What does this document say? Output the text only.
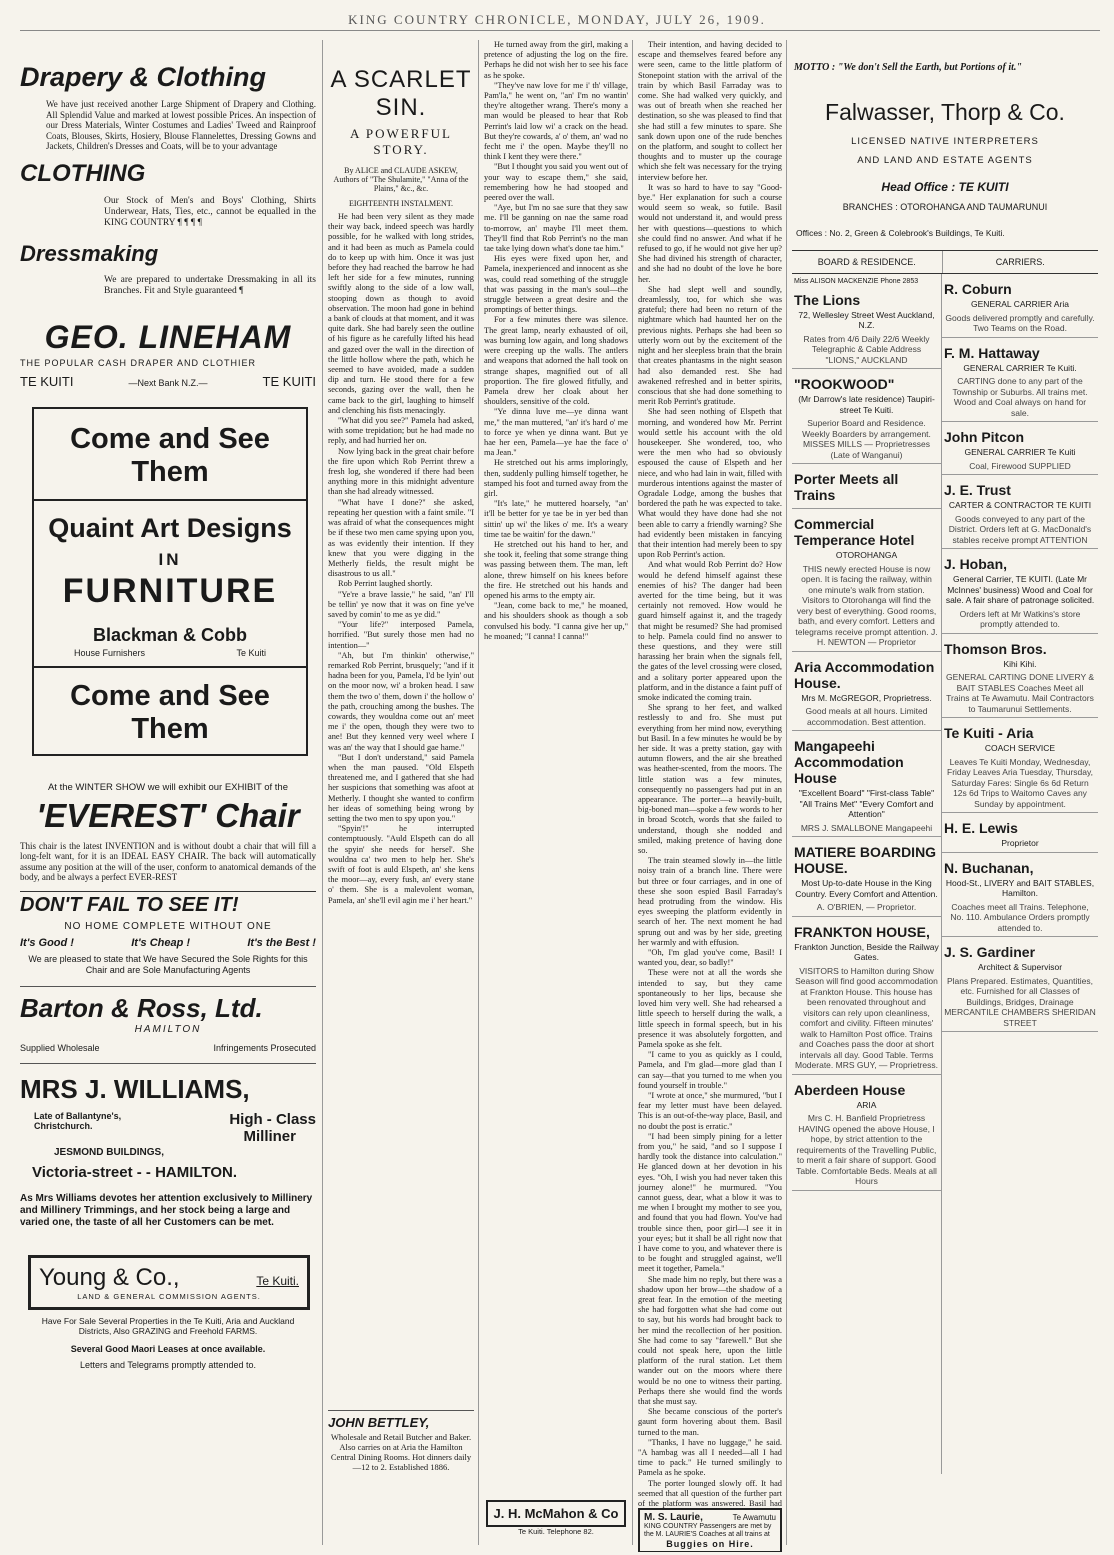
KING COUNTRY CHRONICLE, MONDAY, JULY 26, 1909.
Drapery & Clothing
We have just received another Large Shipment of Drapery and Clothing. All Splendid Value and marked at lowest possible Prices. An inspection of our Dress Materials, Winter Costumes and Ladies' Tweed and Rainproof Coats, Blouses, Skirts, Hosiery, Blouse Flannelettes, Dressing Gowns and Jackets, Children's Dresses and Coats, will be to your advantage
CLOTHING
Our Stock of Men's and Boys' Clothing, Shirts Underwear, Hats, Ties, etc., cannot be equalled in the KING COUNTRY ¶ ¶ ¶ ¶
Dressmaking
We are prepared to undertake Dressmaking in all its Branches. Fit and Style guaranteed ¶
GEO. LINEHAM
THE POPULAR CASH DRAPER AND CLOTHIER
TE KUITI	—Next Bank N.Z.—	TE KUITI
Come and See Them
Quaint Art Designs
IN
FURNITURE
Blackman & Cobb
House Furnishers	Te Kuiti
Come and See Them
At the WINTER SHOW we will exhibit our EXHIBIT of the
'EVEREST' Chair
This chair is the latest INVENTION and is without doubt a chair that will fill a long-felt want, for it is an IDEAL EASY CHAIR. The back will automatically assume any position at the will of the user, conform to anatomical demands of the body, and be always a perfect EVER-REST
DON'T FAIL TO SEE IT!
NO HOME COMPLETE WITHOUT ONE
It's Good !	It's Cheap !	It's the Best !
We are pleased to state that We have Secured the Sole Rights for this Chair and are Sole Manufacturing Agents
Barton & Ross, Ltd.
HAMILTON
Supplied Wholesale	Infringements Prosecuted
MRS J. WILLIAMS,
Late of Ballantyne's, Christchurch.	High - Class
Milliner
JESMOND BUILDINGS,
Victoria-street - - HAMILTON.
As Mrs Williams devotes her attention exclusively to Millinery and Millinery Trimmings, and her stock being a large and varied one, the taste of all her Customers can be met.
Young & Co.,	Te Kuiti.
LAND & GENERAL COMMISSION AGENTS.
Have For Sale Several Properties in the Te Kuiti, Aria and Auckland Districts, Also GRAZING and Freehold FARMS.
Several Good Maori Leases at once available.
Letters and Telegrams promptly attended to.
A SCARLET SIN.
A POWERFUL STORY.
By ALICE and CLAUDE ASKEW,
Authors of "The Shulamite," "Anna of the Plains," &c., &c.
EIGHTEENTH INSTALMENT.

He had been very silent as they made their way back, indeed speech was hardly possible, for he walked with long strides, and it had been as much as Pamela could do to keep up with him. Once it was just before they had reached the barrow he had left her side for a few minutes, running swiftly along to the side of a low wall, stooping down as though to avoid observation. The moon had gone in behind a bank of clouds at that moment, and it was quite dark. She had barely seen the outline of his figure as he carefully lifted his head and gazed over the wall in the direction of the little hollow where the path, which he seemed to have avoided, made a sudden dip and turn. He stood there for a few seconds, gazing over the wall, then he came back to the girl, laughing to himself and clenching his fists menacingly.

"What did you see?" Pamela had asked, with some trepidation; but he had made no reply, and had hurried her on.

Now lying back in the great chair before the fire upon which Rob Perrint threw a fresh log, she wondered if there had been anything more in this midnight adventure than she had already witnessed.

"What have I done?" she asked, repeating her question with a faint smile. "I was afraid of what the consequences might be if these two men came spying upon you, as was evidently their intention. If they knew that you were digging in the Metherly fields, the result might be disastrous to us all."

Rob Perrint laughed shortly.

"Ye're a brave lassie," he said, "an' I'll be tellin' ye now that it was on fine ye've saved by comin' to me as ye did."

"Your life?" interposed Pamela, horrified. "But surely those men had no intention—"

"Ah, but I'm thinkin' otherwise," remarked Rob Perrint, brusquely; "and if it hadna been for you, Pamela, I'd be lyin' out on the moor now, wi' a broken head. I saw them the two o' them, down i' the hollow o' the path, crouching among the bushes. The cowards, they wouldna come out an' meet me i' the open, though they were two to ane! But they kenned very weel where I was an' the way that I should gae hame."

"But I don't understand," said Pamela when the man paused. "Old Elspeth threatened me, and I gathered that she had her suspicions that something was afoot at Metherly. I thought she wanted to confirm her ideas of something being wrong by setting the two men to spy upon you."

"Spyin'!" he interrupted contemptuously. "Auld Elspeth can do all the spyin' she needs for hersel'. She wouldna ca' two men to help her. She's swift of foot is auld Elspeth, an' she kens the moor—ay, every fush, an' every stane o' them. She is a malevolent woman, Pamela, an' she'll evil agin me i' her heart."

JOHN BETTLEY,
Wholesale and Retail Butcher and Baker. Also carries on at Aria the Hamilton Central Dining Rooms. Hot dinners daily—12 to 2. Established 1886.

He turned away from the girl, making a pretence of adjusting the log on the fire. Perhaps he did not wish her to see his face as he spoke.

"They've naw love for me i' th' village, Pam'la," he went on, "an' I'm no wantin' they're altogether wrang. There's mony a man would be pleased to hear that Rob Perrint's laid low wi' a crack on the head. But they're cowards, a' o' them, an' wad no fecht me i' the open. Maybe they'll no think I kent they were there."

"But I thought you said you went out of your way to escape them," she said, remembering how he had stooped and peered over the wall.

"Aye, but I'm no sae sure that they saw me. I'll be ganning on nae the same road to-morrow, an' maybe I'll meet them. They'll find that Rob Perrint's no the man tae take lying down what's done tae him."

His eyes were fixed upon her, and Pamela, inexperienced and innocent as she was, could read something of the struggle that was passing in the man's soul—the struggle between a great desire and the promptings of better things.

For a few minutes there was silence. The great lamp, nearly exhausted of oil, was burning low again, and long shadows were creeping up the walls. The antlers and weapons that adorned the hall took on strange shapes, magnified out of all proportion. The fire glowed fitfully, and Pamela drew her cloak about her shoulders, sensitive of the cold.

"Ye dinna luve me—ye dinna want me," the man muttered, "an' it's hard o' me to force ye when ye dinna want. But ye hae her een, Pamela—ye hae the face o' ma Jean."

He stretched out his arms imploringly, then, suddenly pulling himself together, he stamped his foot and turned away from the girl.

"It's late," he muttered hoarsely, "an' it'll be better for ye tae be in yer bed than sittin' up wi' the likes o' me. It's a weary time tae be waitin' for the dawn."

He stretched out his hand to her, and she took it, feeling that some strange thing was passing between them. The man, left alone, threw himself on his knees before the fire. He stretched out his hands and opened his arms to the empty air.

"Jean, come back to me," he moaned, and his shoulders shook as though a sob convulsed his body. "I canna give her up," he moaned; "I canna! I canna!"

J. H. McMahon & Co
Te Kuiti. Telephone 82.

Their intention, and having decided to escape and themselves feared before any were seen, came to the little platform of Stonepoint station with the arrival of the train by which Basil Farraday was to come. She had walked very quickly, and was out of breath when she reached her destination, so she was pleased to find that she had still a few minutes to spare. She sank down upon one of the rude benches on the platform, and sought to collect her thoughts and to muster up the courage which she felt was necessary for the trying interview before her.

It was so hard to have to say "Good-bye." Her explanation for such a course would seem so weak, so futile. Basil would not understand it, and would press her with questions—questions to which she could find no answer. And what if he refused to go, if he would not give her up? She had divined his strength of character, and she had no doubt of the love he bore her.

She had slept well and soundly, dreamlessly, too, for which she was grateful; there had been no return of the nightmare which had haunted her on the previous nights. Perhaps she had been so utterly worn out by the excitement of the night and her sleepless brain that the brain that creates phantasms in the night season had also demanded rest. She had awakened refreshed and in better spirits, conscious that she had done something to merit Rob Perrint's gratitude.

She had seen nothing of Elspeth that morning, and wondered how Mr. Perrint would settle his account with the old housekeeper. She wondered, too, who were the men who had so obviously espoused the cause of Elspeth and her niece, and who had lain in wait, filled with murderous intentions against the master of Ogradale Lodge, among the bushes that bordered the path he was expected to take. What would they have done had she not been able to carry a friendly warning? She had evidently been mistaken in fancying that their intention had merely been to spy upon Rob Perrint's action.

And what would Rob Perrint do? How would he defend himself against these enemies of his? The danger had been averted for the time being, but it was certainly not removed. How would he guard himself against it, and the tragedy that might be resumed? She had promised to help. Pamela could find no answer to these questions, and they were still harassing her brain when the signals fell, the gates of the level crossing were closed, and a solitary porter appeared upon the platform, and in the distance a faint puff of smoke indicated the coming train.

She sprang to her feet, and walked restlessly to and fro. She must put everything from her mind now, everything but Basil. In a few minutes he would be by her side. It was a pretty station, gay with autumn flowers, and the air she breathed was heather-scented, from the moors. The little station was a few minutes, consequently no passengers had put in an appearance. The porter—a heavily-built, big-boned man—spoke a few words to her in broad Scotch, words that she failed to understand, though she nodded and smiled, making pretence of having done so.

The train steamed slowly in—the little noisy train of a branch line. There were but three or four carriages, and in one of these she soon espied Basil Farraday's head protruding from the window. His eyes sweeping the platform evidently in search of her. The next moment he had sprung out and was by her side, greeting her warmly and with effusion.

"Oh, I'm glad you've come, Basil! I wanted you, dear, so badly!"

These were not at all the words she intended to say, but they came spontaneously to her lips, because she loved him very well. She had rehearsed a little speech to herself during the walk, a little speech in formal speech, but in his presence it was absolutely forgotten, and Pamela spoke as she felt.

"I came to you as quickly as I could, Pamela, and I'm glad—more glad than I can say—that you turned to me when you found yourself in trouble."

"I wrote at once," she murmured, "but I fear my letter must have been delayed. This is an out-of-the-way place, Basil, and no doubt the post is erratic."

"I had been simply pining for a letter from you," he said, "and so I suppose I hardly took the distance into calculation." He glanced down at her devotion in his eyes. "Oh, I wish you had never taken this journey alone!" he murmured. "You cannot guess, dear, what a blow it was to me when I brought my mother to see you, and found that you had flown. You've had trouble since then, poor girl—I see it in your eyes; but it shall be all right now that I have come to you, and whatever there is to be fought and struggled against, we'll meet it together, Pamela."

She made him no reply, but there was a shadow upon her brow—the shadow of a great fear. In the emotion of the meeting she had forgotten what she had come out to say, but his words had brought back to her mind the recollection of her position. She had come to say "farewell." But she could not speak here, upon the little platform of the rural station. Let them wander out on the moors where there would be no one to witness their parting. Perhaps there she would find the words that she must say.

She became conscious of the porter's gaunt form hovering about them. Basil turned to the man.

"Thanks, I have no luggage," he said. "A hambag was all I needed—all I had time to pack." He turned smilingly to Pamela as he spoke.

The porter lounged slowly off. It had seemed that all question of the further part of the platform was answered. Basil had

M. S. Laurie,	Te Awamutu
KING COUNTRY Passengers are met by the M. LAURIE'S Coaches at all trains at
Buggies on Hire.
MOTTO : "We don't Sell the Earth, but Portions of it."
Falwasser, Thorp & Co.
LICENSED NATIVE INTERPRETERS
AND LAND AND ESTATE AGENTS
Head Office : TE KUITI
BRANCHES : OTOROHANGA AND TAUMARUNUI
Offices : No. 2, Green & Colebrook's Buildings, Te Kuiti.
BOARD & RESIDENCE.	CARRIERS.
Miss ALISON MACKENZIE Phone 2853
The Lions
72, Wellesley Street West Auckland, N.Z.
Rates from 4/6 Daily 22/6 Weekly Telegraphic & Cable Address "LIONS," AUCKLAND
"ROOKWOOD"
(Mr Darrow's late residence) Taupiri-street Te Kuiti.
Superior Board and Residence. Weekly Boarders by arrangement. MISSES MILLS — Proprietresses (Late of Wanganui)
Porter Meets all Trains
Commercial Temperance Hotel
OTOROHANGA
THIS newly erected House is now open. It is facing the railway, within one minute's walk from station. Visitors to Otorohanga will find the very best of everything. Good rooms, bath, and every comfort. Letters and telegrams receive prompt attention. J. H. NEWTON — Proprietor
Aria Accommodation House.
Mrs M. McGREGOR, Proprietress.
Good meals at all hours. Limited accommodation. Best attention.
Mangapeehi Accommodation House
"Excellent Board" "First-class Table" "All Trains Met" "Every Comfort and Attention"
MRS J. SMALLBONE Mangapeehi
MATIERE BOARDING HOUSE.
Most Up-to-date House in the King Country. Every Comfort and Attention.
A. O'BRIEN, — Proprietor.
FRANKTON HOUSE,
Frankton Junction, Beside the Railway Gates.
VISITORS to Hamilton during Show Season will find good accommodation at Frankton House. This house has been renovated throughout and visitors can rely upon cleanliness, comfort and civility. Fifteen minutes' walk to Hamilton Post office. Trains and Coaches pass the door at short intervals all day. Good Table. Terms Moderate. MRS GUY, — Proprietress.
Aberdeen House
ARIA
Mrs C. H. Banfield Proprietress HAVING opened the above House, I hope, by strict attention to the requirements of the Travelling Public, to merit a fair share of support. Good Table. Comfortable Beds. Meals at all Hours
R. Coburn
GENERAL CARRIER Aria
Goods delivered promptly and carefully. Two Teams on the Road.
F. M. Hattaway
GENERAL CARRIER Te Kuiti.
CARTING done to any part of the Township or Suburbs. All trains met. Wood and Coal always on hand for sale.
John Pitcon
GENERAL CARRIER Te Kuiti
Coal, Firewood SUPPLIED
J. E. Trust
CARTER & CONTRACTOR TE KUITI
Goods conveyed to any part of the District. Orders left at G. MacDonald's stables receive prompt ATTENTION
J. Hoban,
General Carrier, TE KUITI. (Late Mr McInnes' business) Wood and Coal for sale. A fair share of patronage solicited.
Orders left at Mr Watkins's store promptly attended to.
Thomson Bros.
Kihi Kihi.
GENERAL CARTING DONE LIVERY & BAIT STABLES Coaches Meet all Trains at Te Awamutu. Mail Contractors to Taumarunui Settlements.
Te Kuiti - Aria
COACH SERVICE
Leaves Te Kuiti Monday, Wednesday, Friday Leaves Aria Tuesday, Thursday, Saturday Fares: Single 6s 6d Return 12s 6d Trips to Waitomo Caves any Sunday by appointment.
H. E. Lewis
Proprietor
N. Buchanan,
Hood-St., LIVERY and BAIT STABLES, Hamilton.
Coaches meet all Trains. Telephone, No. 110. Ambulance Orders promptly attended to.
J. S. Gardiner
Architect & Supervisor
Plans Prepared. Estimates, Quantities, etc. Furnished for all Classes of Buildings, Bridges, Drainage MERCANTILE CHAMBERS SHERIDAN STREET
